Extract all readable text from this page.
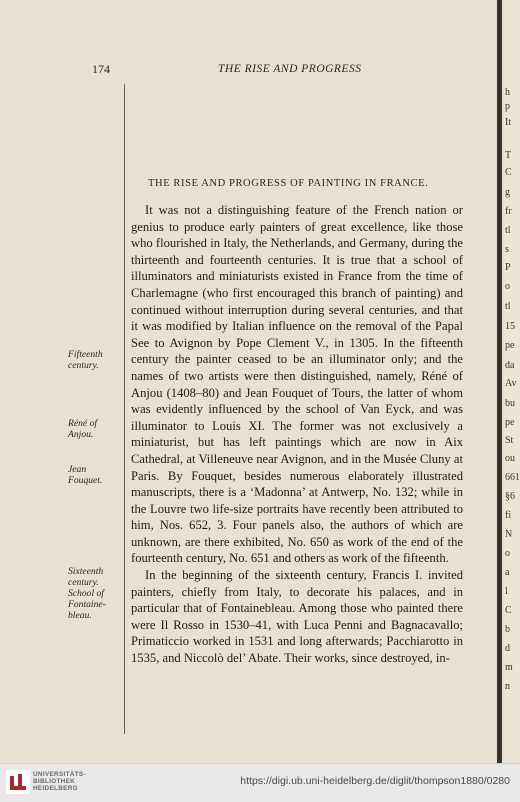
174	THE RISE AND PROGRESS
THE RISE AND PROGRESS OF PAINTING IN FRANCE.

It was not a distinguishing feature of the French nation or genius to produce early painters of great excellence, like those who flourished in Italy, the Netherlands, and Germany, during the thirteenth and fourteenth centuries. It is true that a school of illuminators and miniaturists existed in France from the time of Charlemagne (who first encouraged this branch of painting) and continued without interruption during several centuries, and that it was modified by Italian influence on the removal of the Papal See to Avignon by Pope Clement V., in 1305. In the fifteenth century the painter ceased to be an illuminator only; and the names of two artists were then distinguished, namely, Réné of Anjou (1408–80) and Jean Fouquet of Tours, the latter of whom was evidently influenced by the school of Van Eyck, and was illuminator to Louis XI. The former was not exclusively a miniaturist, but has left paintings which are now in Aix Cathedral, at Villeneuve near Avignon, and in the Musée Cluny at Paris. By Fouquet, besides numerous elaborately illustrated manuscripts, there is a ‘Madonna’ at Antwerp, No. 132; while in the Louvre two life-size portraits have recently been attributed to him, Nos. 652, 3. Four panels also, the authors of which are unknown, are there exhibited, No. 650 as work of the end of the fourteenth century, No. 651 and others as work of the fifteenth.

In the beginning of the sixteenth century, Francis I. invited painters, chiefly from Italy, to decorate his palaces, and in particular that of Fontainebleau. Among those who painted there were Il Rosso in 1530–41, with Luca Penni and Bagnacavallo; Primaticcio worked in 1531 and long afterwards; Pacchiarotto in 1535, and Niccolò del’ Abate. Their works, since destroyed, in-

Fifteenth century.
Réné of Anjou.
Jean Fouquet.
Sixteenth century. School of Fontaine-bleau.
h
p
It
T
C
g
fr
tl
s
P
o
tl
15
pe
da
Av
bu
pe
St
ou
661
§6
fi
N
o
a
l
C
b
d
m
n
UNIVERSITÄTS-
BIBLIOTHEK
HEIDELBERG
https://digi.ub.uni-heidelberg.de/diglit/thompson1880/0280
